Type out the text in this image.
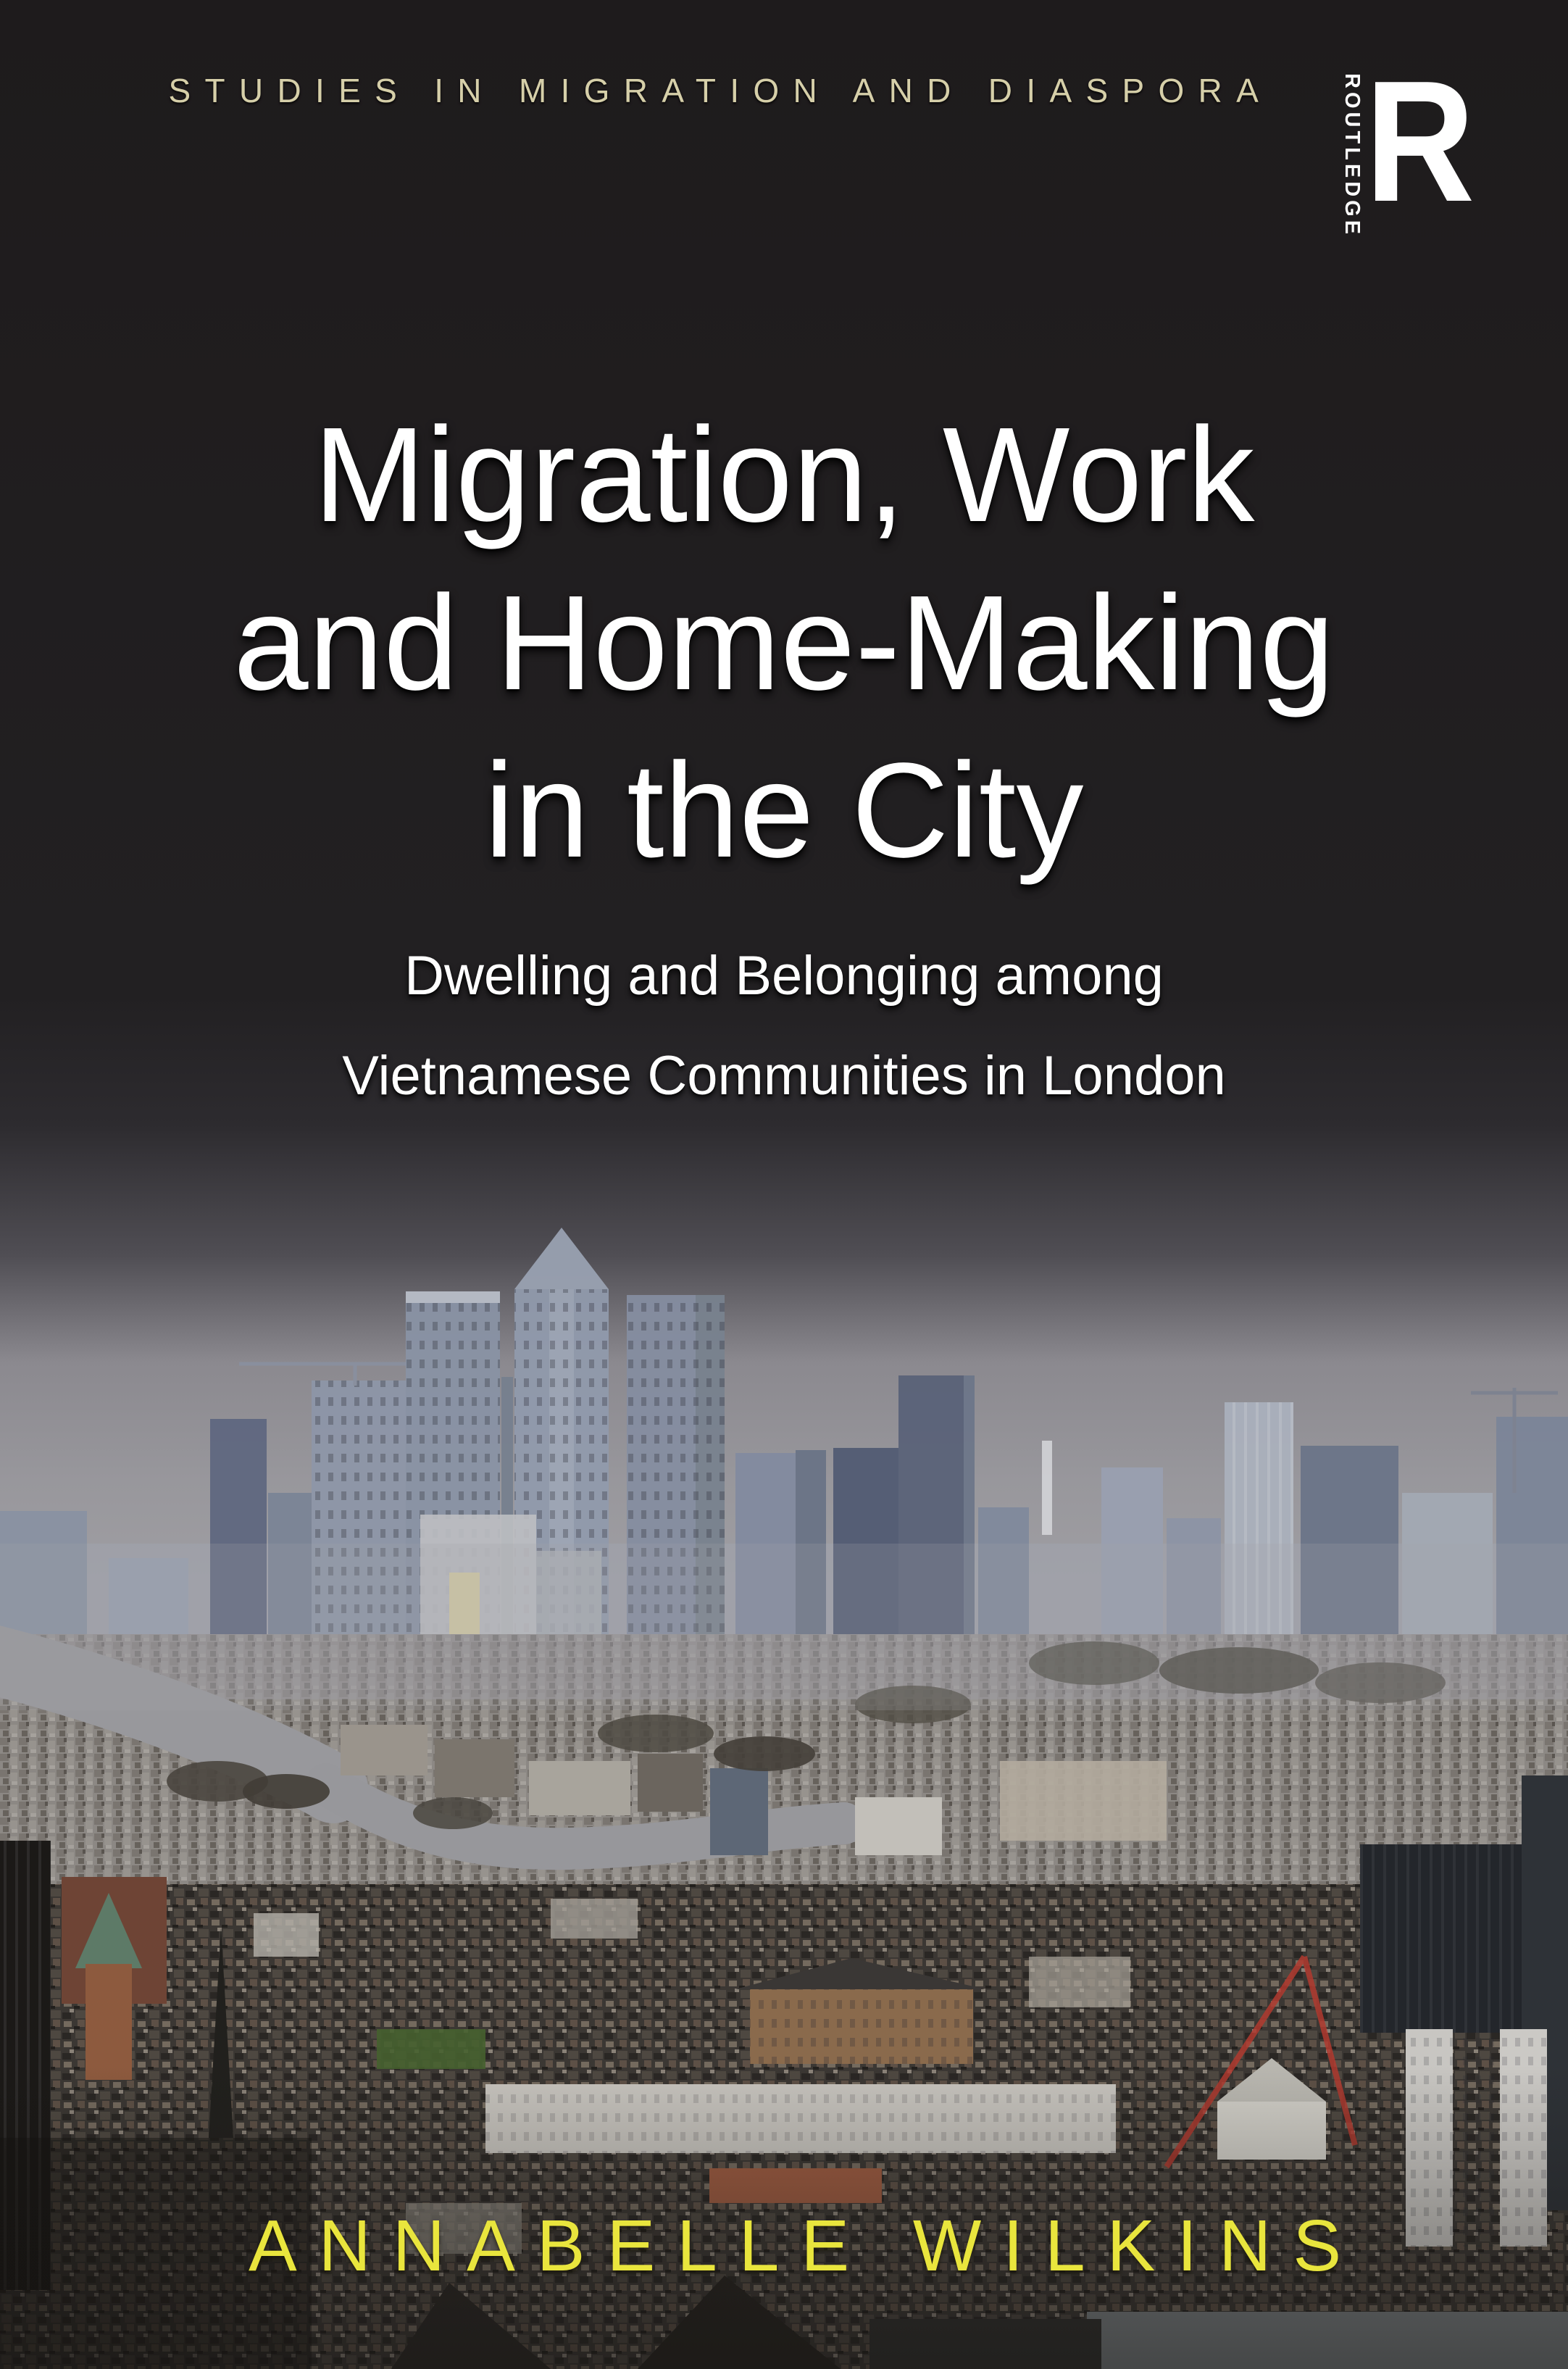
STUDIES IN MIGRATION AND DIASPORA	ROUTLEDGE R
Migration, Work
and Home-Making
in the City
Dwelling and Belonging among
Vietnamese Communities in London
ANNABELLE WILKINS
